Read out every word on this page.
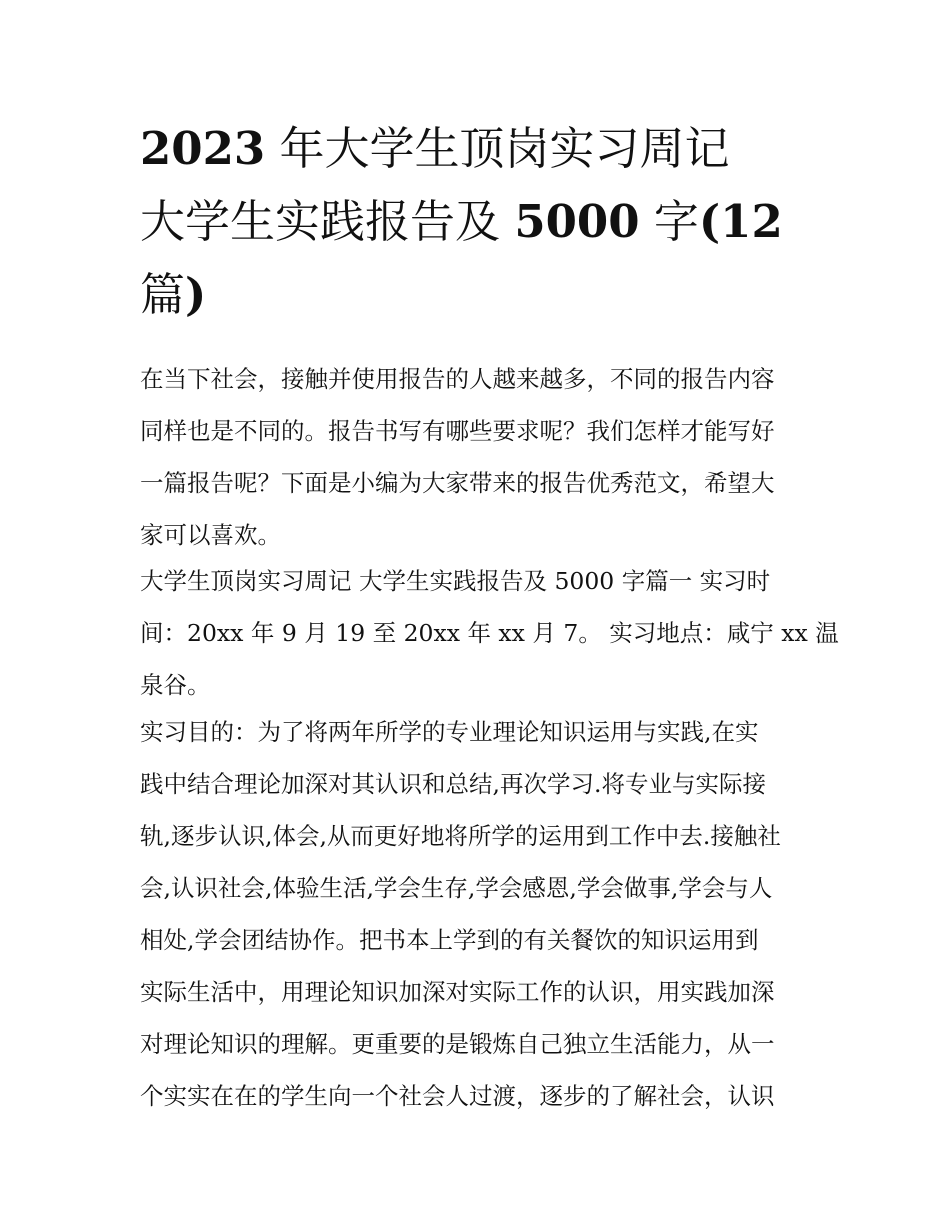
2023 年大学生顶岗实习周记
大学生实践报告及 5000 字(12
篇)

在当下社会，接触并使用报告的人越来越多，不同的报告内容
同样也是不同的。报告书写有哪些要求呢？我们怎样才能写好
一篇报告呢？下面是小编为大家带来的报告优秀范文，希望大
家可以喜欢。

大学生顶岗实习周记 大学生实践报告及 5000 字篇一 实习时
间：20xx 年 9 月 19 至 20xx 年 xx 月 7。 实习地点：咸宁 xx 温
泉谷。

实习目的：为了将两年所学的专业理论知识运用与实践,在实
践中结合理论加深对其认识和总结,再次学习.将专业与实际接
轨,逐步认识,体会,从而更好地将所学的运用到工作中去.接触社
会,认识社会,体验生活,学会生存,学会感恩,学会做事,学会与人
相处,学会团结协作。把书本上学到的有关餐饮的知识运用到
实际生活中，用理论知识加深对实际工作的认识，用实践加深
对理论知识的理解。更重要的是锻炼自己独立生活能力，从一
个实实在在的学生向一个社会人过渡，逐步的了解社会，认识
